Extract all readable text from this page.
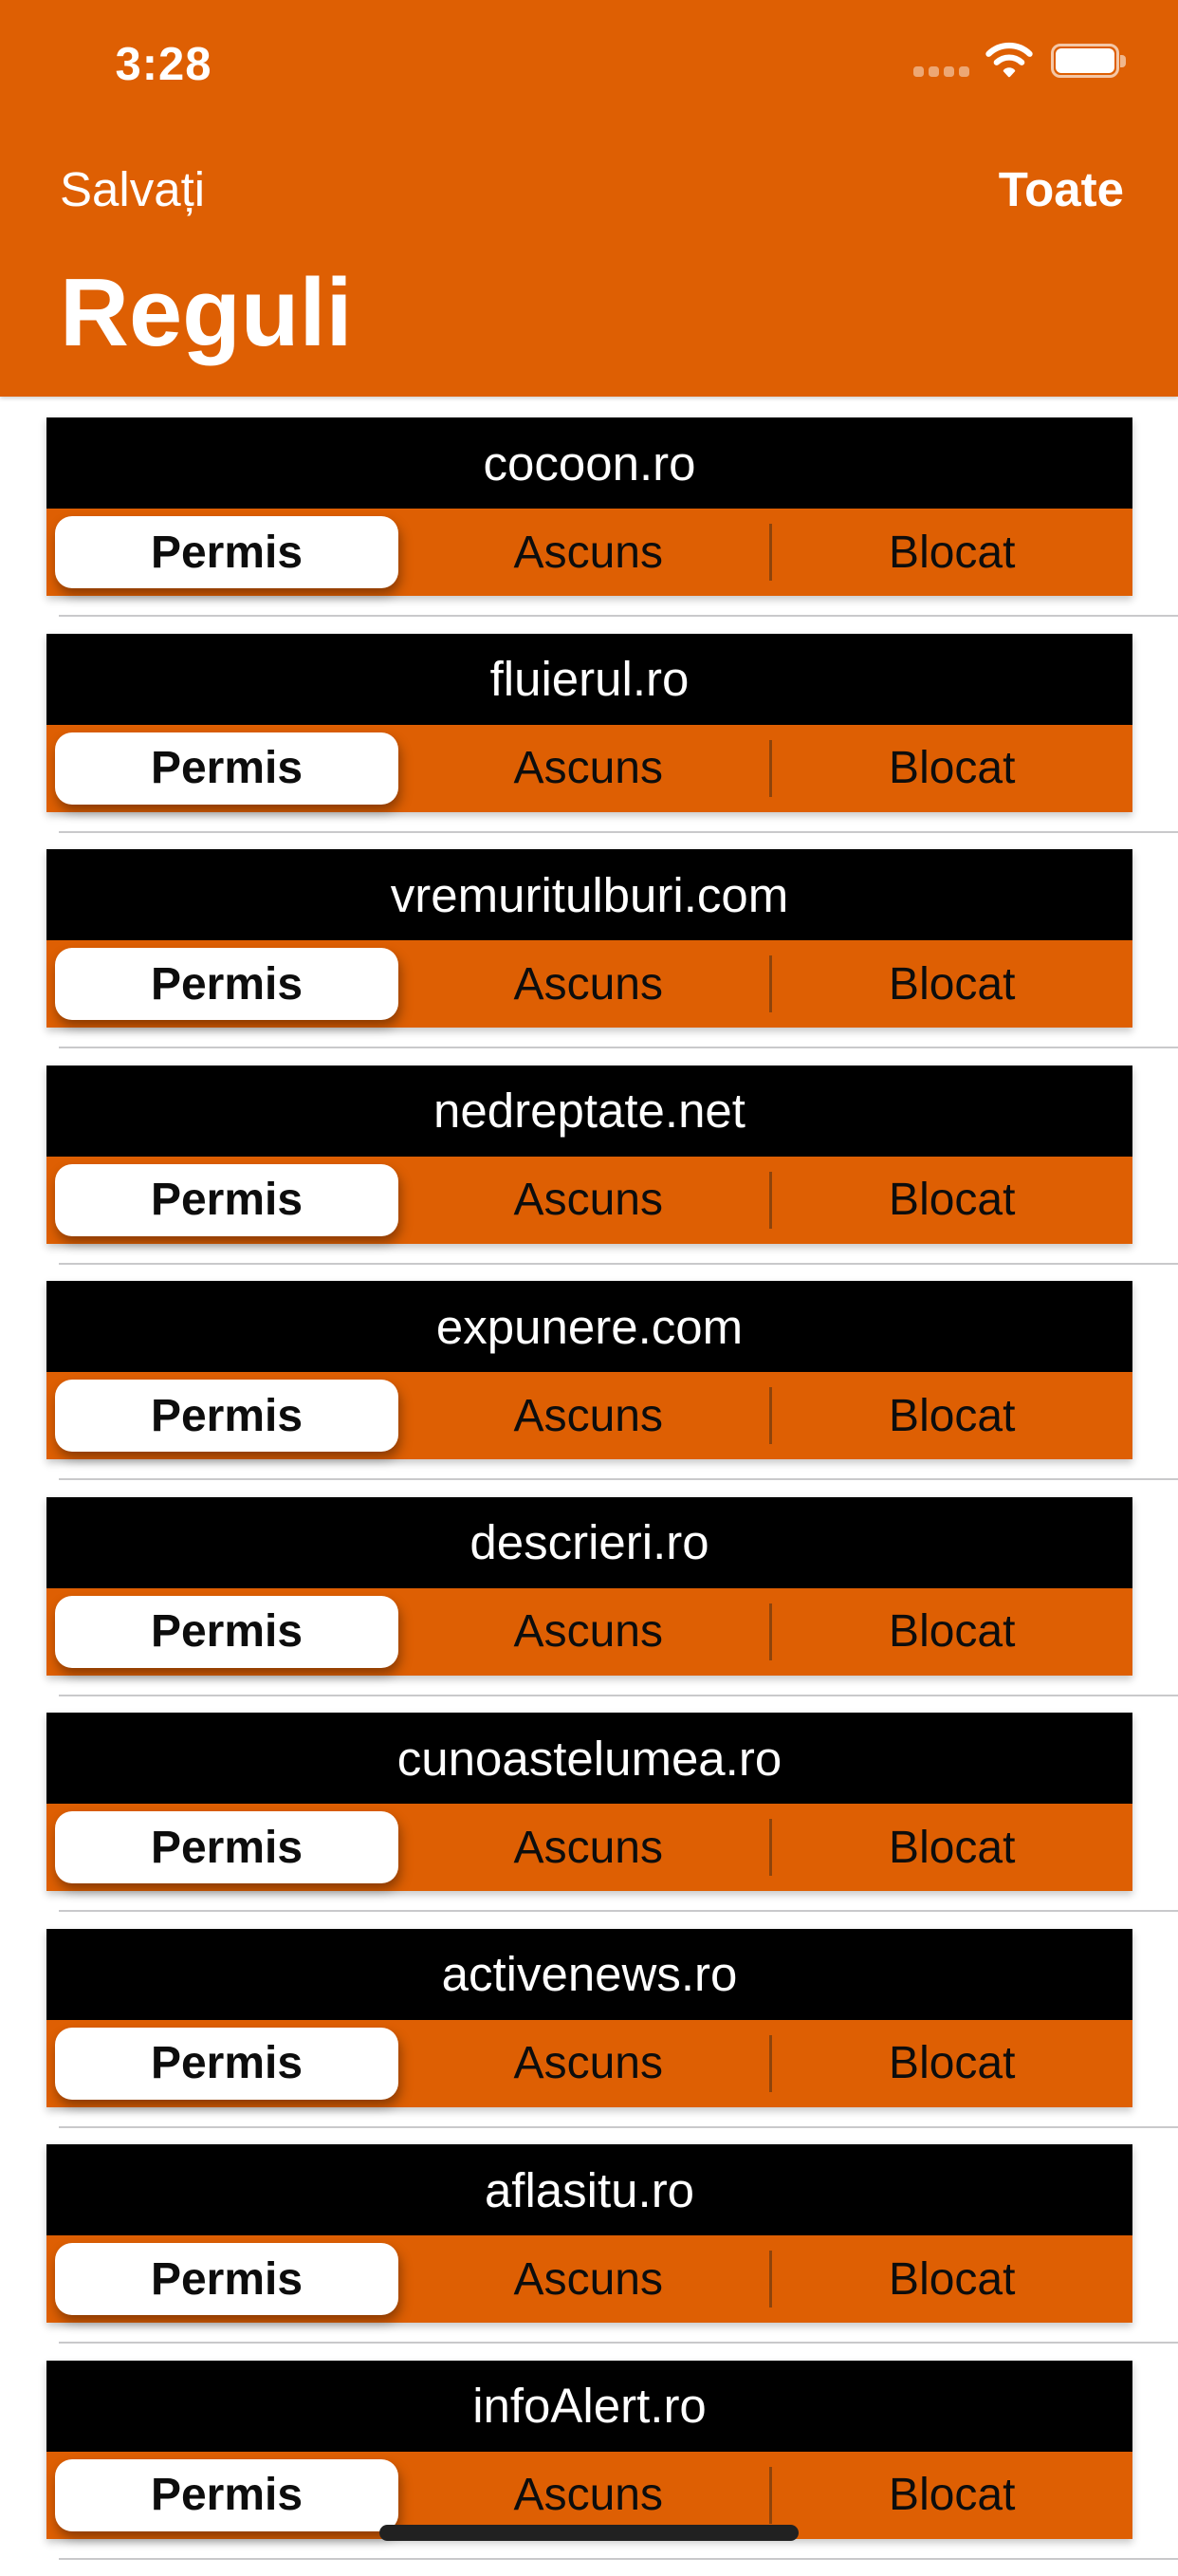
3:28
Salvați	Toate
Reguli
cocoon.ro
Permis	Ascuns	Blocat
fluierul.ro
Permis	Ascuns	Blocat
vremuritulburi.com
Permis	Ascuns	Blocat
nedreptate.net
Permis	Ascuns	Blocat
expunere.com
Permis	Ascuns	Blocat
descrieri.ro
Permis	Ascuns	Blocat
cunoastelumea.ro
Permis	Ascuns	Blocat
activenews.ro
Permis	Ascuns	Blocat
aflasitu.ro
Permis	Ascuns	Blocat
infoAlert.ro
Permis	Ascuns	Blocat
